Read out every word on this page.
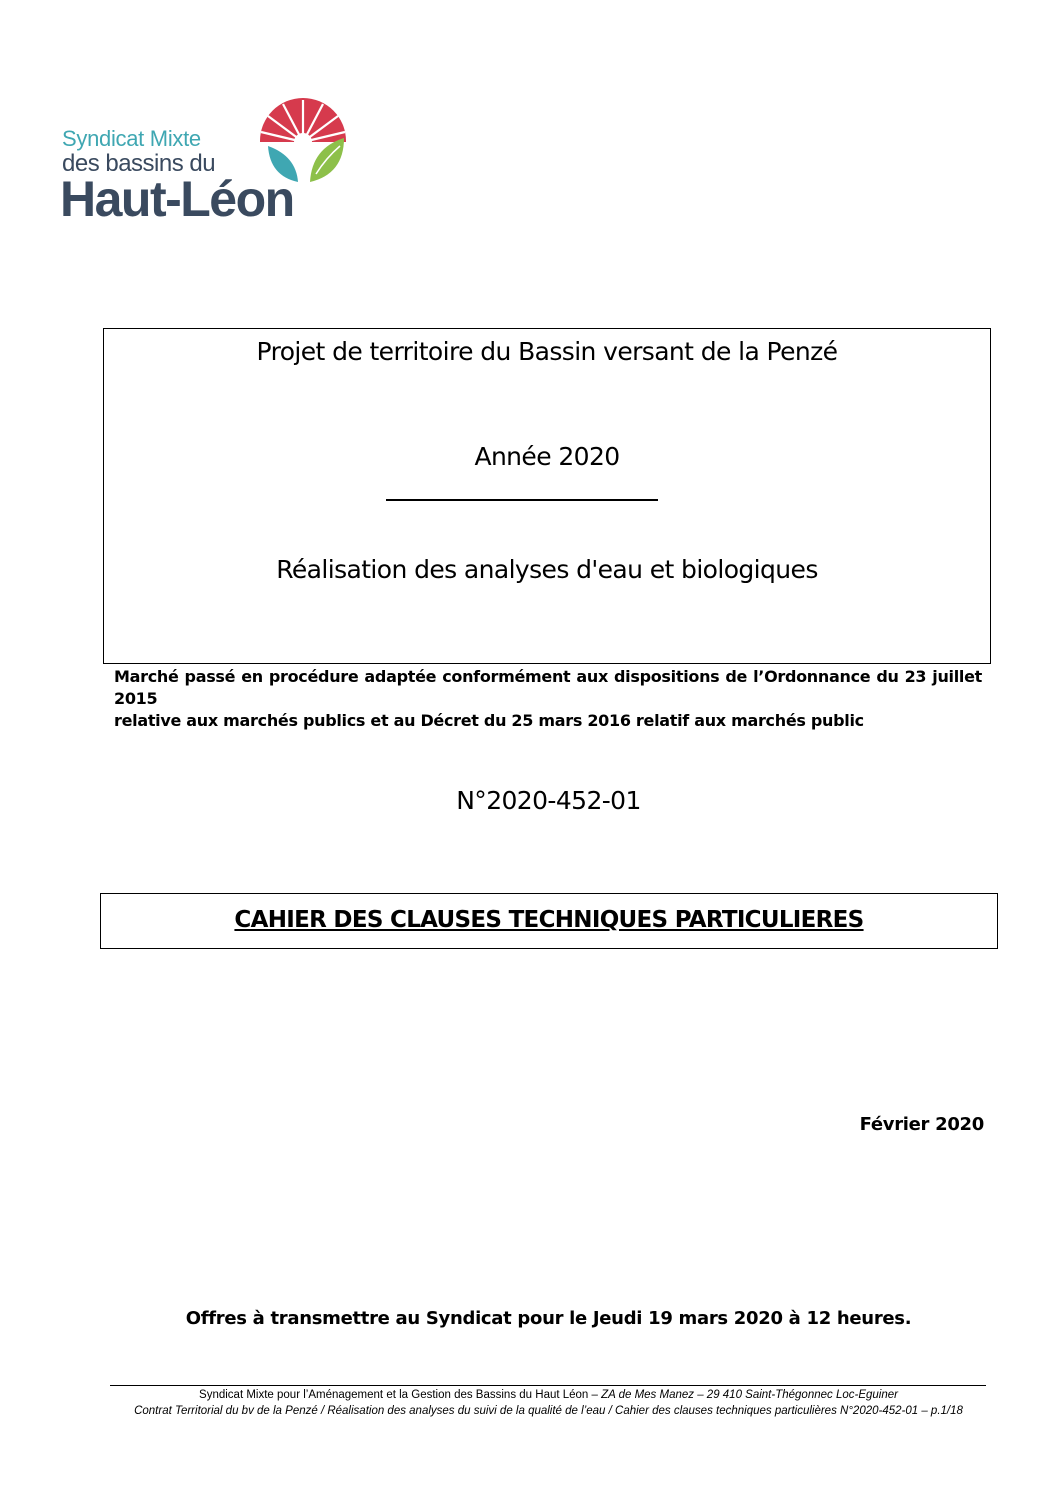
Syndicat Mixte
des bassins du
Haut-Léon
Projet de territoire du Bassin versant de la Penzé
Année 2020
Réalisation des analyses d'eau et biologiques
Marché passé en procédure adaptée conformément aux dispositions de l’Ordonnance du 23 juillet 2015
relative aux marchés publics et au Décret du 25 mars 2016 relatif aux marchés public
N°2020-452-01
CAHIER DES CLAUSES TECHNIQUES PARTICULIERES
Février 2020
Offres à transmettre au Syndicat pour le Jeudi 19 mars 2020 à 12 heures.
Syndicat Mixte pour l’Aménagement et la Gestion des Bassins du Haut Léon – ZA de Mes Manez – 29 410 Saint-Thégonnec Loc-Eguiner
Contrat Territorial du bv de la Penzé / Réalisation des analyses du suivi de la qualité de l’eau / Cahier des clauses techniques particulières N°2020-452-01 – p.1/18
